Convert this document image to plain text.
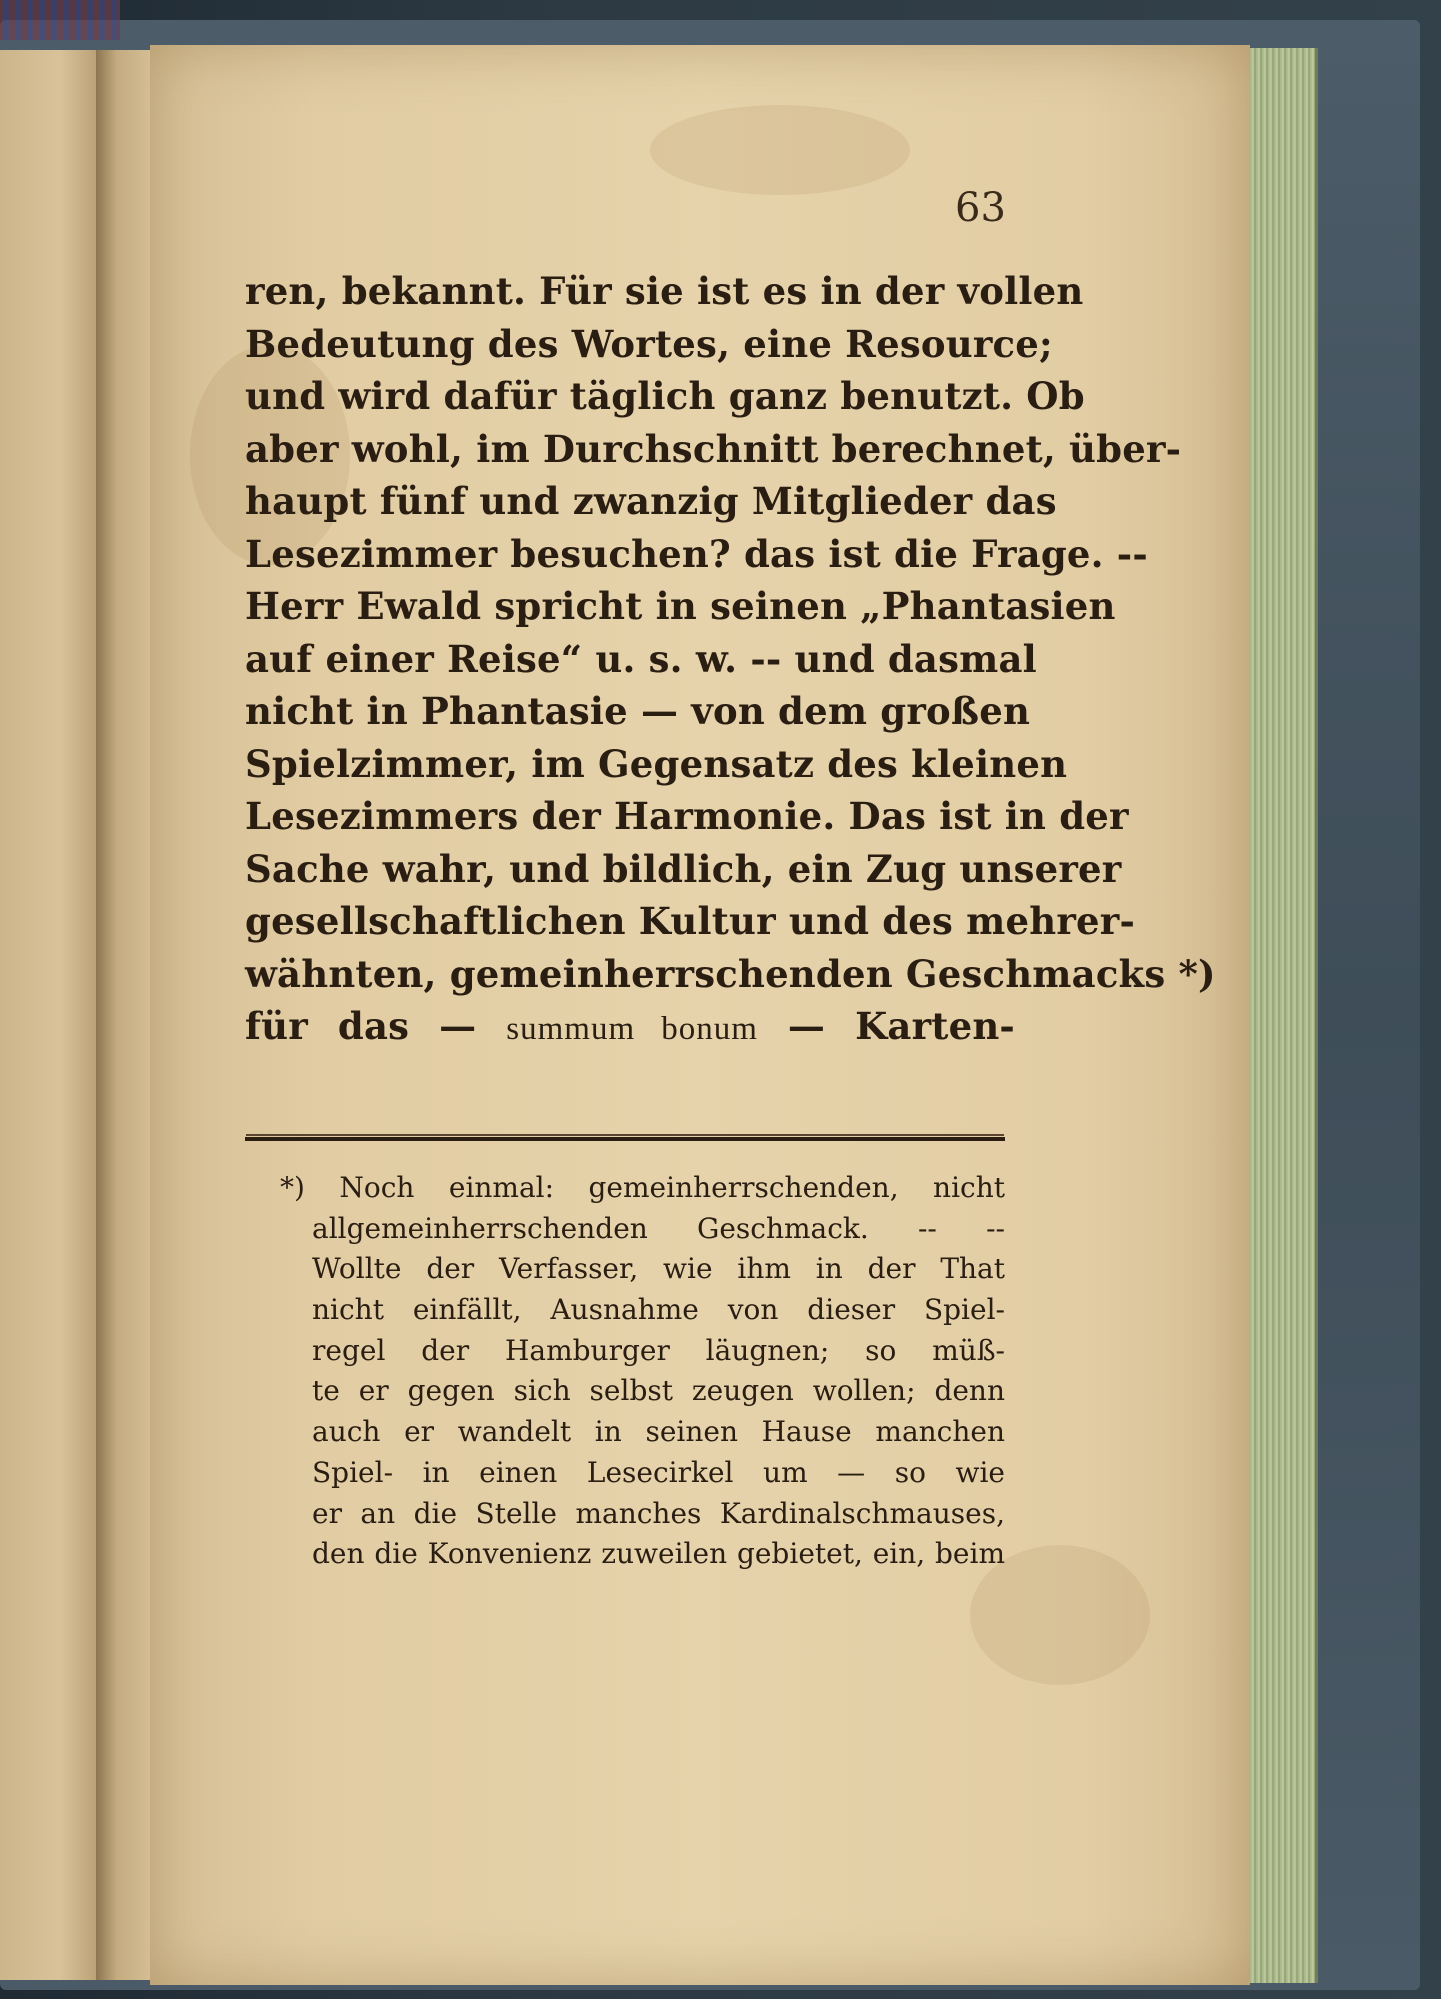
63
ren, bekannt. Für sie ist es in der vollen
Bedeutung des Wortes, eine Resource;
und wird dafür täglich ganz benutzt. Ob
aber wohl, im Durchschnitt berechnet, über-
haupt fünf und zwanzig Mitglieder das
Lesezimmer besuchen? das ist die Frage. --
Herr Ewald spricht in seinen „Phantasien
auf einer Reise“ u. s. w. -- und dasmal
nicht in Phantasie — von dem großen
Spielzimmer, im Gegensatz des kleinen
Lesezimmers der Harmonie. Das ist in der
Sache wahr, und bildlich, ein Zug unserer
gesellschaftlichen Kultur und des mehrer-
wähnten, gemeinherrschenden Geschmacks *)
für das — summum bonum — Karten-
*) Noch einmal: gemeinherrschenden, nicht
allgemeinherrschenden Geschmack. -- --
Wollte der Verfasser, wie ihm in der That
nicht einfällt, Ausnahme von dieser Spiel-
regel der Hamburger läugnen; so müß-
te er gegen sich selbst zeugen wollen; denn
auch er wandelt in seinen Hause manchen
Spiel- in einen Lesecirkel um — so wie
er an die Stelle manches Kardinalschmauses,
den die Konvenienz zuweilen gebietet, ein, beim
